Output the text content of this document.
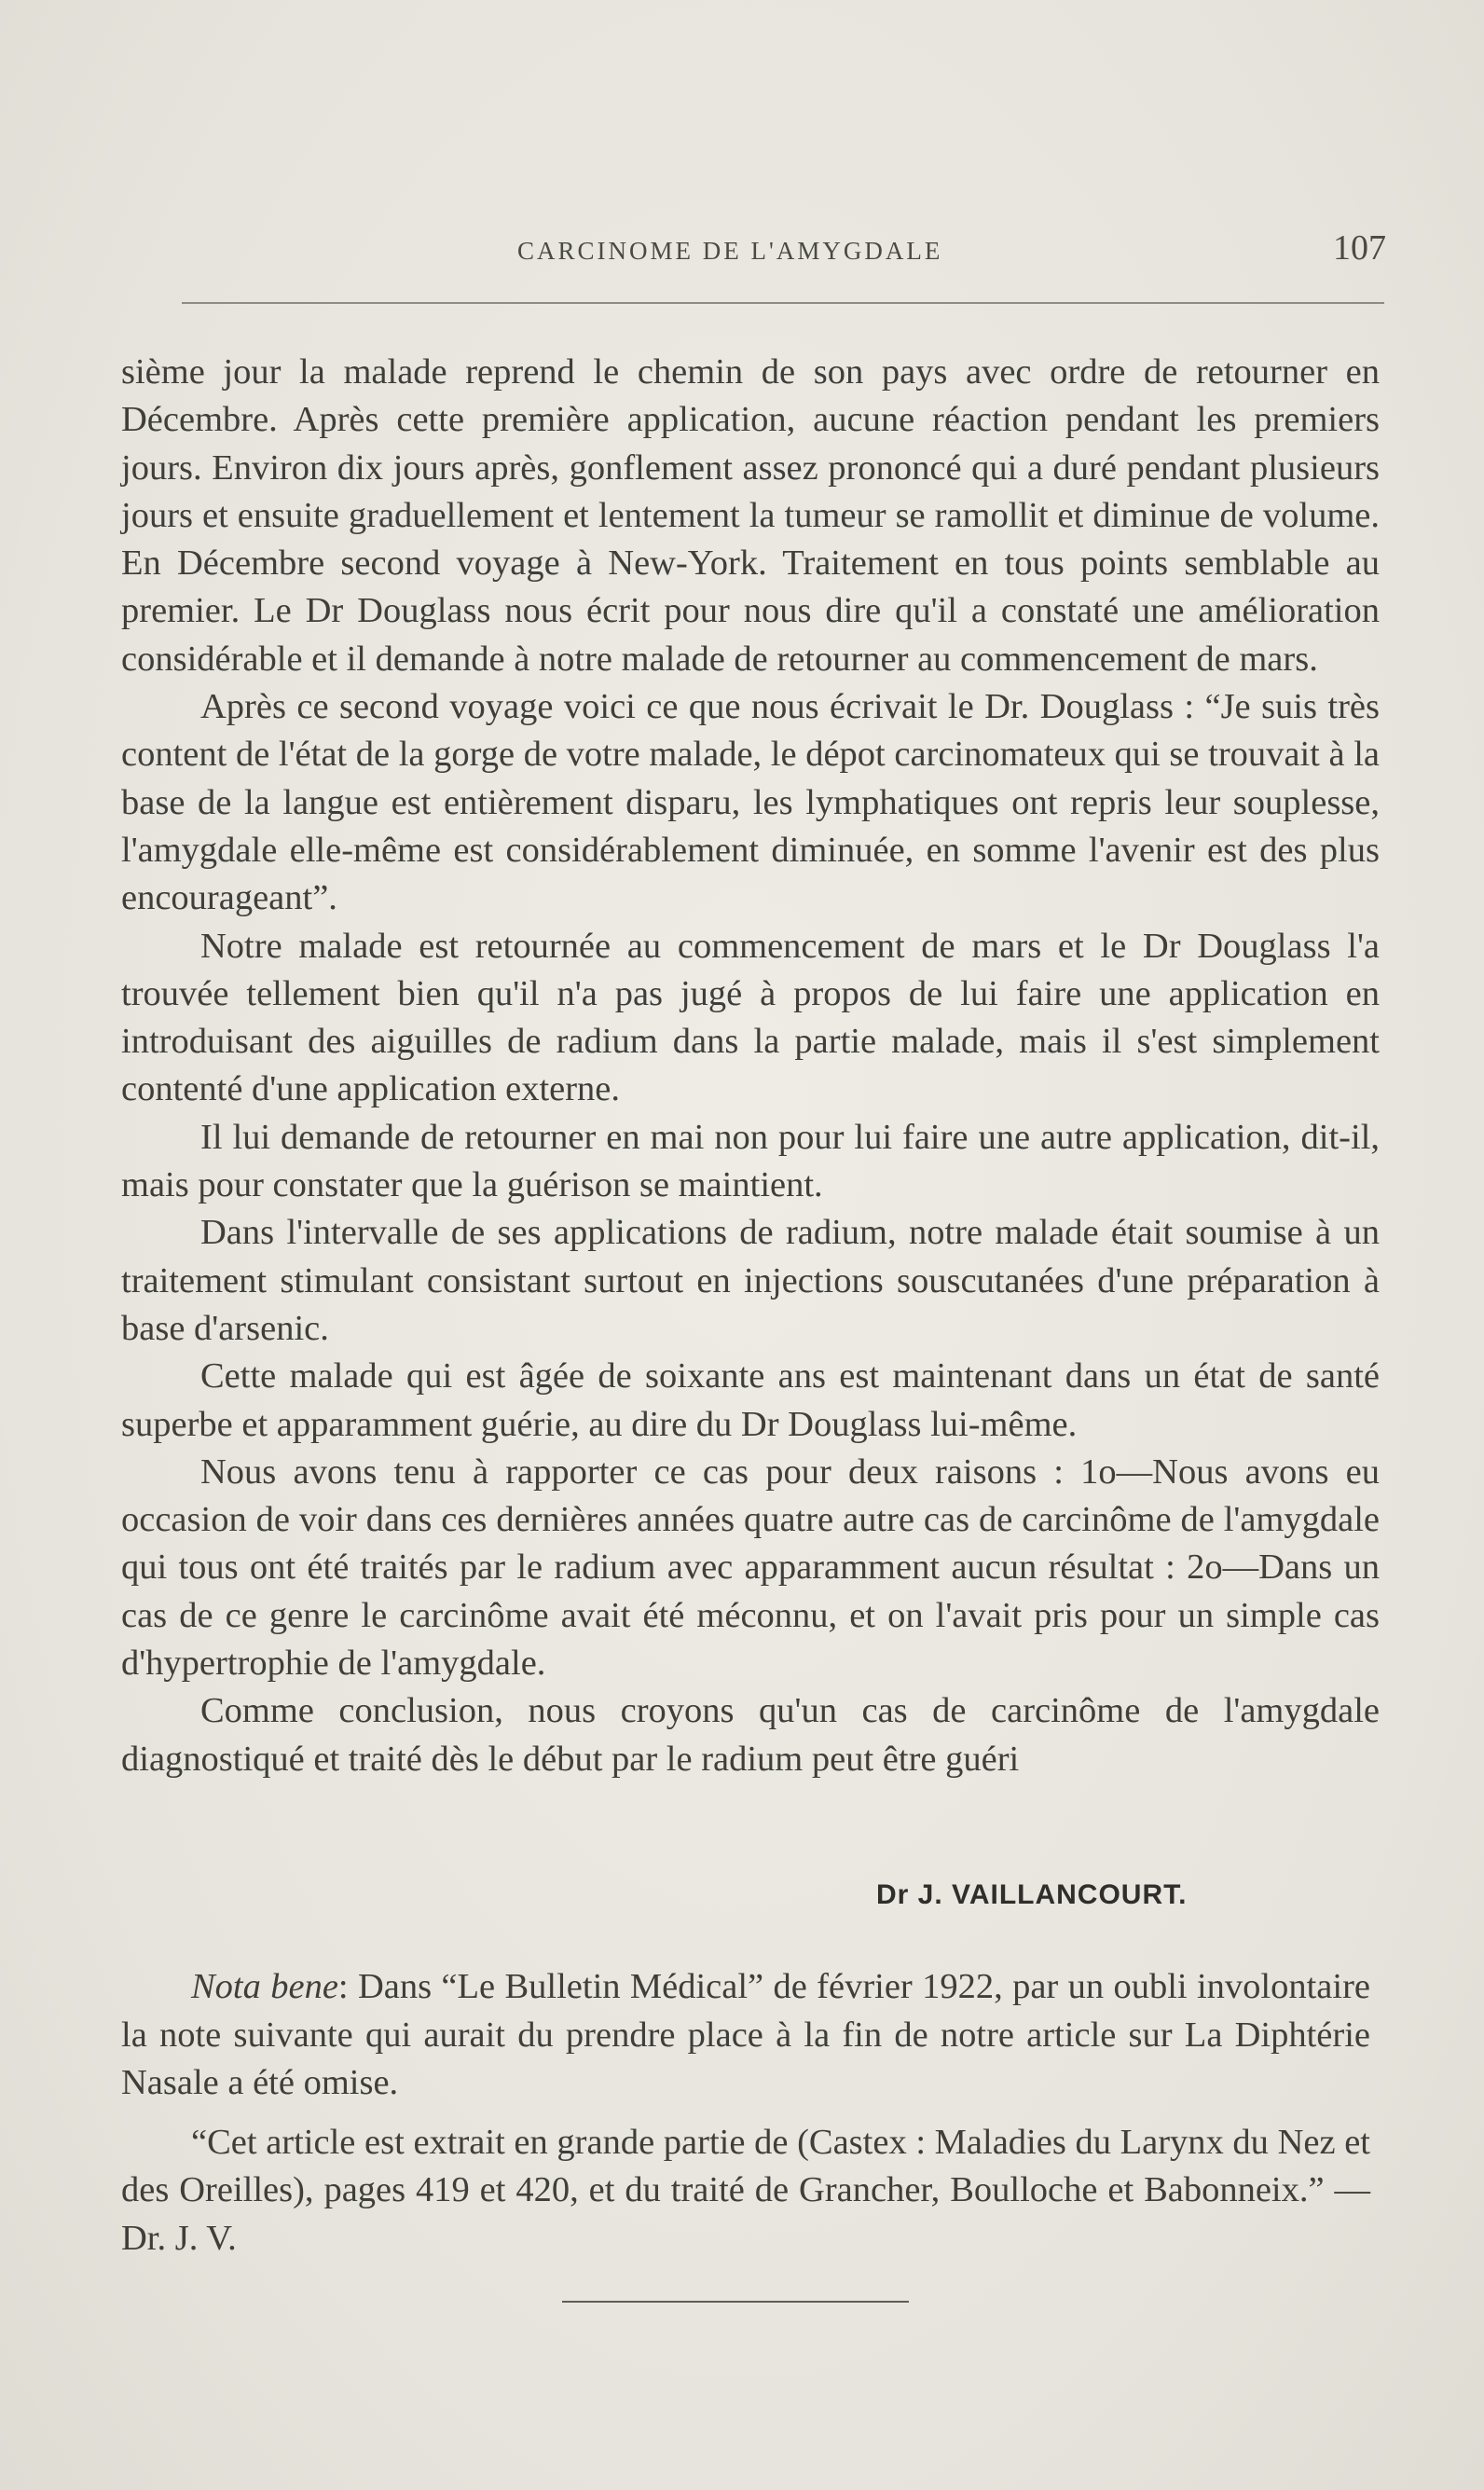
CARCINOME DE L'AMYGDALE	107

sième jour la malade reprend le chemin de son pays avec ordre de retourner en Décembre. Après cette première application, aucune réaction pendant les premiers jours. Environ dix jours après, gonflement assez prononcé qui a duré pendant plusieurs jours et ensuite graduellement et lentement la tumeur se ramollit et diminue de volume. En Décembre second voyage à New-York. Traitement en tous points semblable au premier. Le Dr Douglass nous écrit pour nous dire qu'il a constaté une amélioration considérable et il demande à notre malade de retourner au commencement de mars.

Après ce second voyage voici ce que nous écrivait le Dr. Douglass : “Je suis très content de l'état de la gorge de votre malade, le dépot carcinomateux qui se trouvait à la base de la langue est entièrement disparu, les lymphatiques ont repris leur souplesse, l'amygdale elle-même est considérablement diminuée, en somme l'avenir est des plus encourageant”.

Notre malade est retournée au commencement de mars et le Dr Douglass l'a trouvée tellement bien qu'il n'a pas jugé à propos de lui faire une application en introduisant des aiguilles de radium dans la partie malade, mais il s'est simplement contenté d'une application externe.

Il lui demande de retourner en mai non pour lui faire une autre application, dit-il, mais pour constater que la guérison se maintient.

Dans l'intervalle de ses applications de radium, notre malade était soumise à un traitement stimulant consistant surtout en injections souscutanées d'une préparation à base d'arsenic.

Cette malade qui est âgée de soixante ans est maintenant dans un état de santé superbe et apparamment guérie, au dire du Dr Douglass lui-même.

Nous avons tenu à rapporter ce cas pour deux raisons : 1o—Nous avons eu occasion de voir dans ces dernières années quatre autre cas de carcinôme de l'amygdale qui tous ont été traités par le radium avec apparamment aucun résultat : 2o—Dans un cas de ce genre le carcinôme avait été méconnu, et on l'avait pris pour un simple cas d'hypertrophie de l'amygdale.

Comme conclusion, nous croyons qu'un cas de carcinôme de l'amygdale diagnostiqué et traité dès le début par le radium peut être guéri

Dr J. VAILLANCOURT.

Nota bene: Dans “Le Bulletin Médical” de février 1922, par un oubli involontaire la note suivante qui aurait du prendre place à la fin de notre article sur La Diphtérie Nasale a été omise.

“Cet article est extrait en grande partie de (Castex : Maladies du Larynx du Nez et des Oreilles), pages 419 et 420, et du traité de Grancher, Boulloche et Babonneix.” — Dr. J. V.
